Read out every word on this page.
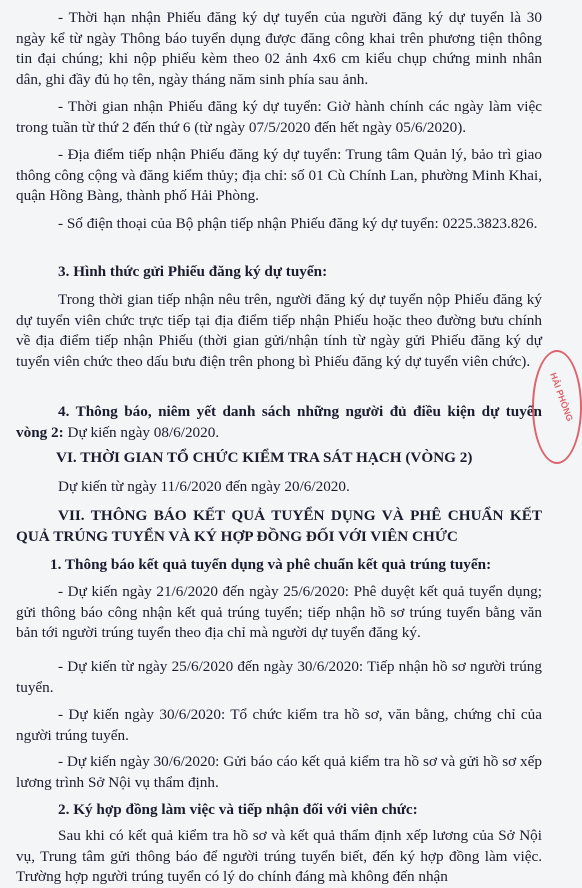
- Thời hạn nhận Phiếu đăng ký dự tuyển của người đăng ký dự tuyển là 30 ngày kể từ ngày Thông báo tuyển dụng được đăng công khai trên phương tiện thông tin đại chúng; khi nộp phiếu kèm theo 02 ảnh 4x6 cm kiểu chụp chứng minh nhân dân, ghi đầy đủ họ tên, ngày tháng năm sinh phía sau ảnh.

- Thời gian nhận Phiếu đăng ký dự tuyển: Giờ hành chính các ngày làm việc trong tuần từ thứ 2 đến thứ 6 (từ ngày 07/5/2020 đến hết ngày 05/6/2020).

- Địa điểm tiếp nhận Phiếu đăng ký dự tuyển: Trung tâm Quản lý, bảo trì giao thông công cộng và đăng kiểm thủy; địa chỉ: số 01 Cù Chính Lan, phường Minh Khai, quận Hồng Bàng, thành phố Hải Phòng.

- Số điện thoại của Bộ phận tiếp nhận Phiếu đăng ký dự tuyển: 0225.3823.826.

3. Hình thức gửi Phiếu đăng ký dự tuyển:

Trong thời gian tiếp nhận nêu trên, người đăng ký dự tuyển nộp Phiếu đăng ký dự tuyển viên chức trực tiếp tại địa điểm tiếp nhận Phiếu hoặc theo đường bưu chính về địa điểm tiếp nhận Phiếu (thời gian gửi/nhận tính từ ngày gửi Phiếu đăng ký dự tuyển viên chức theo dấu bưu điện trên phong bì Phiếu đăng ký dự tuyển viên chức).

4. Thông báo, niêm yết danh sách những người đủ điều kiện dự tuyển vòng 2: Dự kiến ngày 08/6/2020.

VI. THỜI GIAN TỔ CHỨC KIỂM TRA SÁT HẠCH (VÒNG 2)

Dự kiến từ ngày 11/6/2020 đến ngày 20/6/2020.

VII. THÔNG BÁO KẾT QUẢ TUYỂN DỤNG VÀ PHÊ CHUẨN KẾT QUẢ TRÚNG TUYỂN VÀ KÝ HỢP ĐỒNG ĐỐI VỚI VIÊN CHỨC

1. Thông báo kết quả tuyển dụng và phê chuẩn kết quả trúng tuyển:

- Dự kiến ngày 21/6/2020 đến ngày 25/6/2020: Phê duyệt kết quả tuyển dụng; gửi thông báo công nhận kết quả trúng tuyển; tiếp nhận hồ sơ trúng tuyển bằng văn bản tới người trúng tuyển theo địa chỉ mà người dự tuyển đăng ký.

- Dự kiến từ ngày 25/6/2020 đến ngày 30/6/2020: Tiếp nhận hồ sơ người trúng tuyển.

- Dự kiến ngày 30/6/2020: Tổ chức kiểm tra hồ sơ, văn bằng, chứng chỉ của người trúng tuyển.

- Dự kiến ngày 30/6/2020: Gửi báo cáo kết quả kiểm tra hồ sơ và gửi hồ sơ xếp lương trình Sở Nội vụ thẩm định.

2. Ký hợp đồng làm việc và tiếp nhận đối với viên chức:

Sau khi có kết quả kiểm tra hồ sơ và kết quả thẩm định xếp lương của Sở Nội vụ, Trung tâm gửi thông báo để người trúng tuyển biết, đến ký hợp đồng làm việc. Trường hợp người trúng tuyển có lý do chính đáng mà không đến nhận

HẢI PHÒNG
